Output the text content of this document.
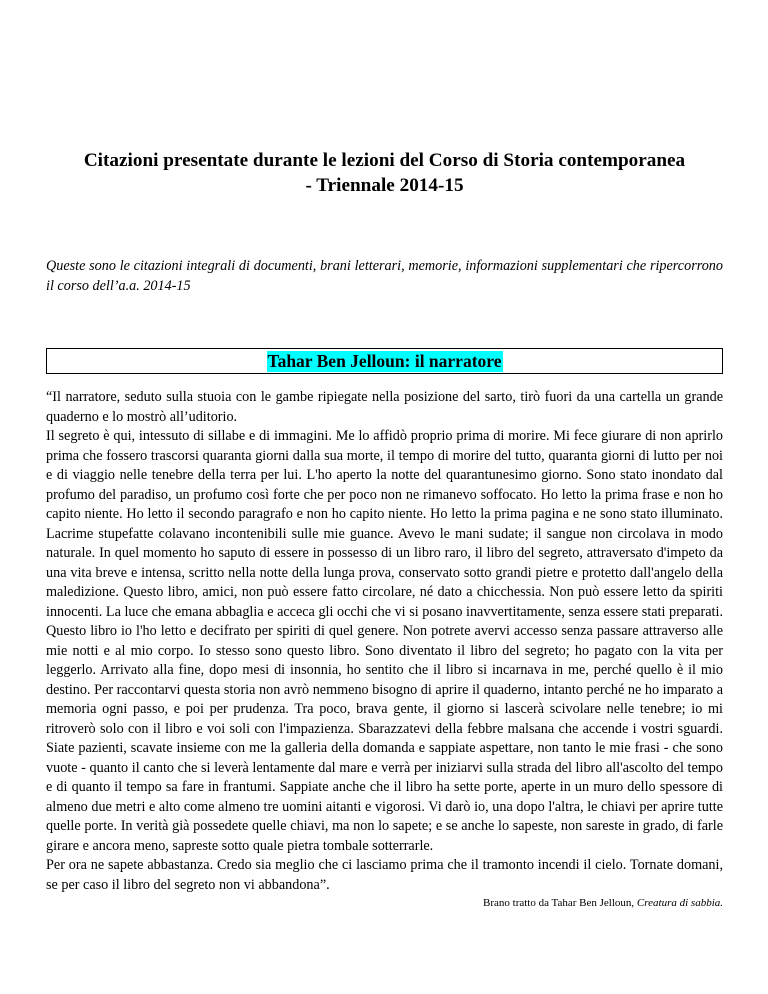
Citazioni presentate durante le lezioni del Corso di Storia contemporanea
- Triennale 2014-15

Queste sono le citazioni integrali di documenti, brani letterari, memorie, informazioni supplementari che ripercorrono il corso dell’a.a. 2014-15

Tahar Ben Jelloun: il narratore

“Il narratore, seduto sulla stuoia con le gambe ripiegate nella posizione del sarto, tirò fuori da una cartella un grande quaderno e lo mostrò all’uditorio.

Il segreto è qui, intessuto di sillabe e di immagini. Me lo affidò proprio prima di morire. Mi fece giurare di non aprirlo prima che fossero trascorsi quaranta giorni dalla sua morte, il tempo di morire del tutto, quaranta giorni di lutto per noi e di viaggio nelle tenebre della terra per lui. L'ho aperto la notte del quarantunesimo giorno. Sono stato inondato dal profumo del paradiso, un profumo così forte che per poco non ne rimanevo soffocato. Ho letto la prima frase e non ho capito niente. Ho letto il secondo paragrafo e non ho capito niente. Ho letto la prima pagina e ne sono stato illuminato. Lacrime stupefatte colavano incontenibili sulle mie guance. Avevo le mani sudate; il sangue non circolava in modo naturale. In quel momento ho saputo di essere in possesso di un libro raro, il libro del segreto, attraversato d'impeto da una vita breve e intensa, scritto nella notte della lunga prova, conservato sotto grandi pietre e protetto dall'angelo della maledizione. Questo libro, amici, non può essere fatto circolare, né dato a chicchessia. Non può essere letto da spiriti innocenti. La luce che emana abbaglia e acceca gli occhi che vi si posano inavvertitamente, senza essere stati preparati. Questo libro io l'ho letto e decifrato per spiriti di quel genere. Non potrete avervi accesso senza passare attraverso alle mie notti e al mio corpo. Io stesso sono questo libro. Sono diventato il libro del segreto; ho pagato con la vita per leggerlo. Arrivato alla fine, dopo mesi di insonnia, ho sentito che il libro si incarnava in me, perché quello è il mio destino. Per raccontarvi questa storia non avrò nemmeno bisogno di aprire il quaderno, intanto perché ne ho imparato a memoria ogni passo, e poi per prudenza. Tra poco, brava gente, il giorno si lascerà scivolare nelle tenebre; io mi ritroverò solo con il libro e voi soli con l'impazienza. Sbarazzatevi della febbre malsana che accende i vostri sguardi. Siate pazienti, scavate insieme con me la galleria della domanda e sappiate aspettare, non tanto le mie frasi - che sono vuote - quanto il canto che si leverà lentamente dal mare e verrà per iniziarvi sulla strada del libro all'ascolto del tempo e di quanto il tempo sa fare in frantumi. Sappiate anche che il libro ha sette porte, aperte in un muro dello spessore di almeno due metri e alto come almeno tre uomini aitanti e vigorosi. Vi darò io, una dopo l'altra, le chiavi per aprire tutte quelle porte. In verità già possedete quelle chiavi, ma non lo sapete; e se anche lo sapeste, non sareste in grado, di farle girare e ancora meno, sapreste sotto quale pietra tombale sotterrarle.

Per ora ne sapete abbastanza. Credo sia meglio che ci lasciamo prima che il tramonto incendi il cielo. Tornate domani, se per caso il libro del segreto non vi abbandona”.

Brano tratto da Tahar Ben Jelloun, Creatura di sabbia.
